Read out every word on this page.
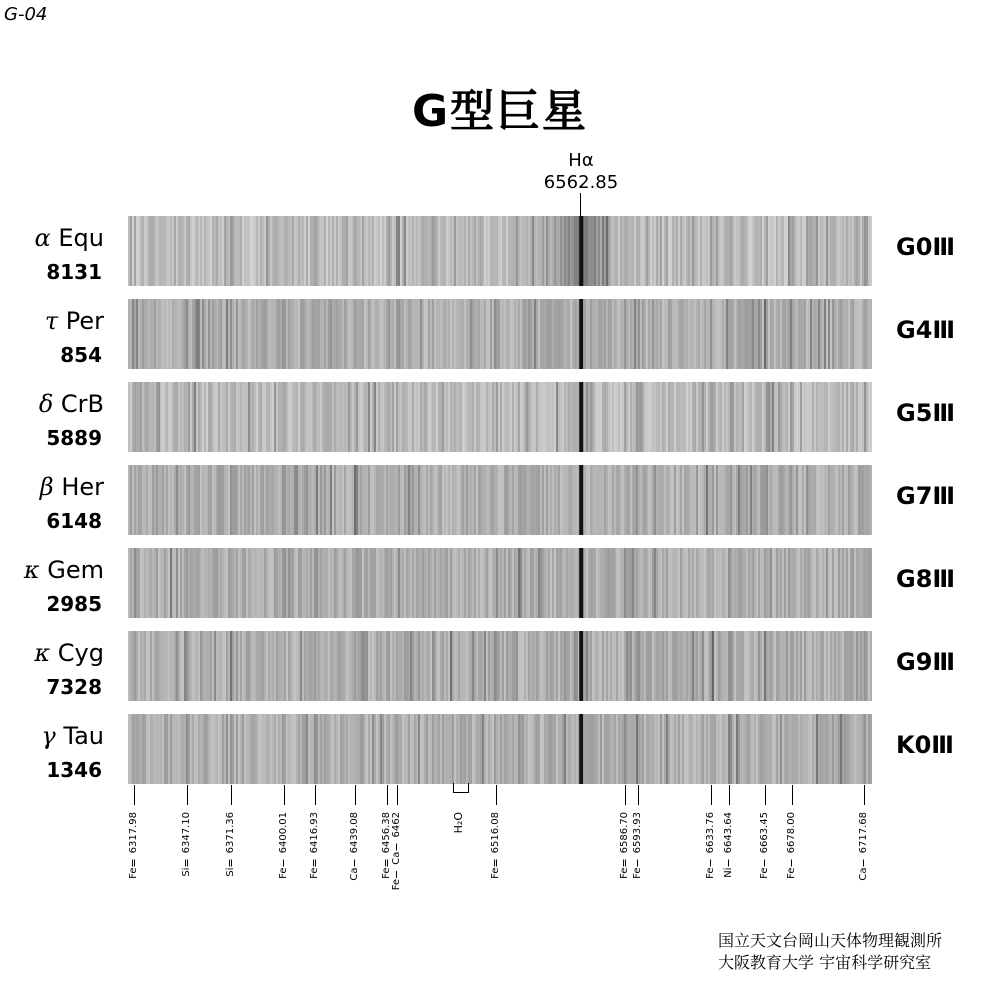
G-04
G型巨星
Hα
6562.85
α Equ
8131
G0Ⅲ
τ Per
854
G4Ⅲ
δ CrB
5889
G5Ⅲ
β Her
6148
G7Ⅲ
κ Gem
2985
G8Ⅲ
κ Cyg
7328
G9Ⅲ
γ Tau
1346
K0Ⅲ
FeⅡ 6317.98	SiⅡ 6347.10	SiⅡ 6371.36	FeⅠ 6400.01 FeⅡ 6416.93	CaⅠ 6439.08 FeⅡ 6456.38 FeⅠ CaⅠ 6462	FeⅡ 6516.08	FeⅡ 6586.70 FeⅠ 6593.93	FeⅠ 6633.76 NiⅠ 6643.64	FeⅠ 6663.45 FeⅠ 6678.00	CaⅠ 6717.68
H₂O
国立天文台岡山天体物理観測所
大阪教育大学 宇宙科学研究室
